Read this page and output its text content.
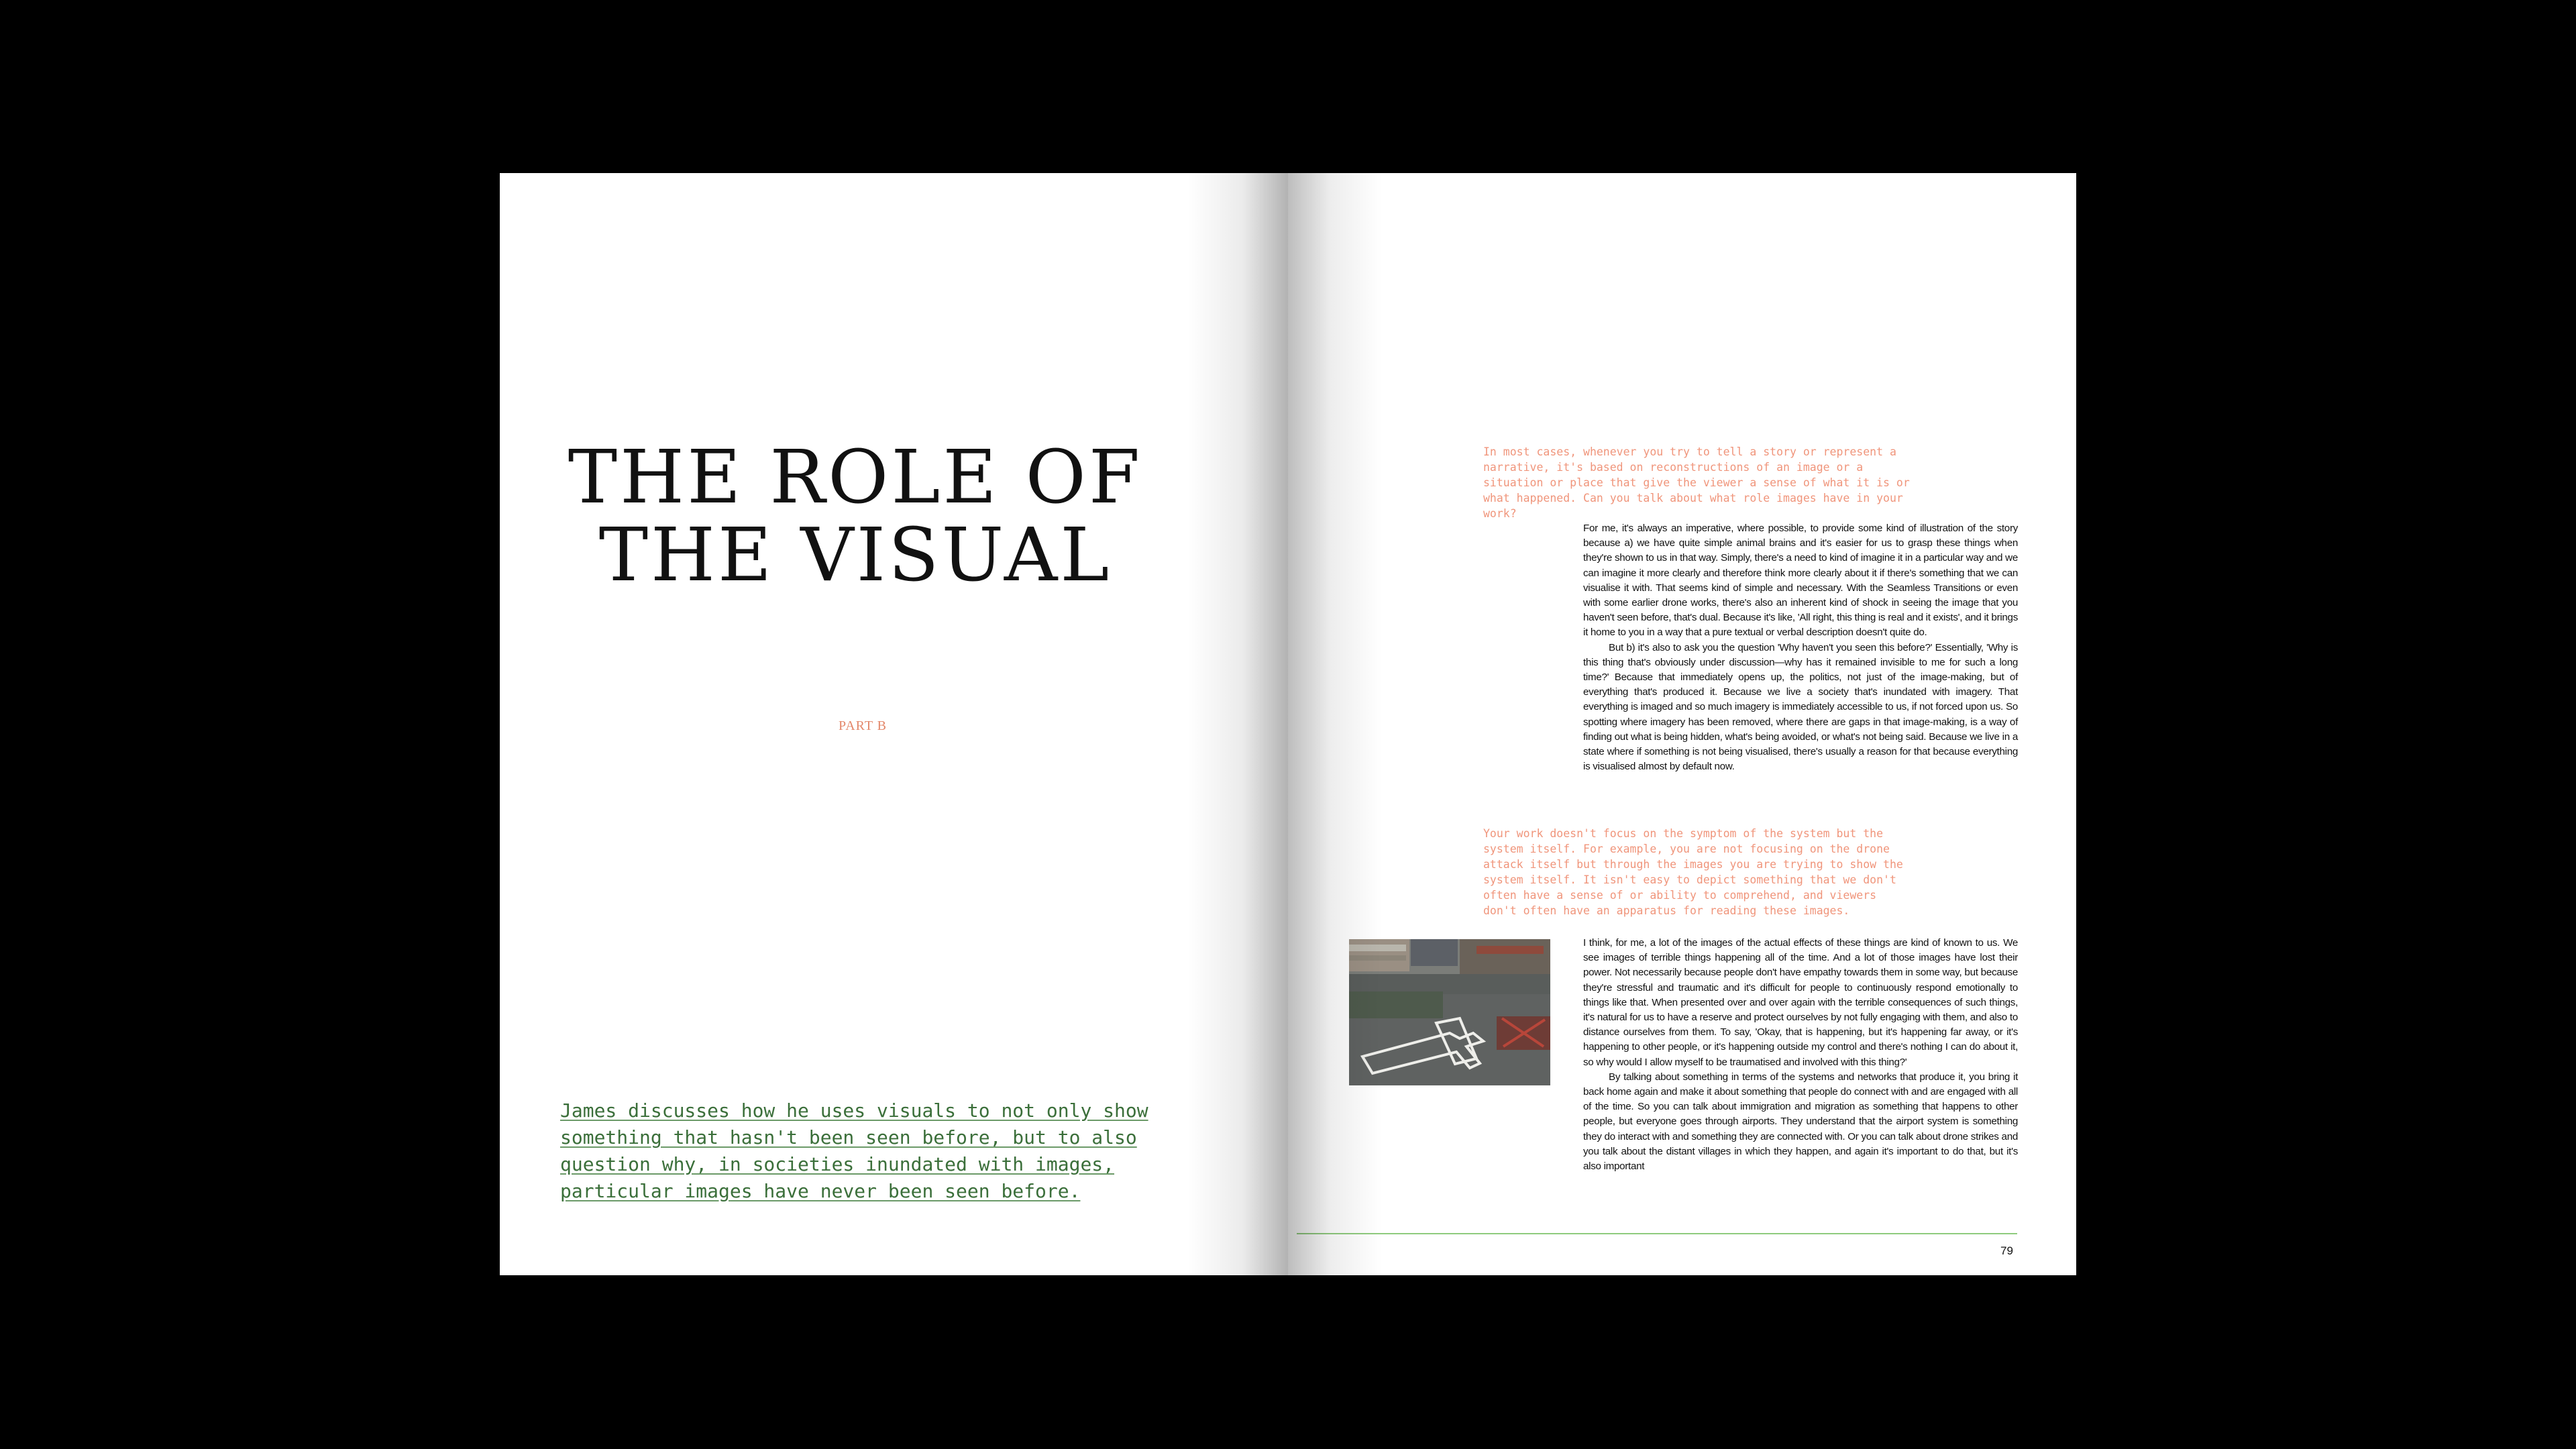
THE ROLE OF
THE VISUAL
PART B
James discusses how he uses visuals to not only show something that hasn't been seen before, but to also question why, in societies inundated with images, particular images have never been seen before.
In most cases, whenever you try to tell a story or represent a narrative, it's based on reconstructions of an image or a situation or place that give the viewer a sense of what it is or what happened. Can you talk about what role images have in your work?

For me, it's always an imperative, where possible, to provide some kind of illustration of the story because a) we have quite simple animal brains and it's easier for us to grasp these things when they're shown to us in that way. Simply, there's a need to kind of imagine it in a particular way and we can imagine it more clearly and therefore think more clearly about it if there's something that we can visualise it with. That seems kind of simple and necessary. With the Seamless Transitions or even with some earlier drone works, there's also an inherent kind of shock in seeing the image that you haven't seen before, that's dual. Because it's like, 'All right, this thing is real and it exists', and it brings it home to you in a way that a pure textual or verbal description doesn't quite do.

But b) it's also to ask you the question 'Why haven't you seen this before?' Essentially, 'Why is this thing that's obviously under discussion—why has it remained invisible to me for such a long time?' Because that immediately opens up, the politics, not just of the image-making, but of everything that's produced it. Because we live a society that's inundated with imagery. That everything is imaged and so much imagery is immediately accessible to us, if not forced upon us. So spotting where imagery has been removed, where there are gaps in that image-making, is a way of finding out what is being hidden, what's being avoided, or what's not being said. Because we live in a state where if something is not being visualised, there's usually a reason for that because everything is visualised almost by default now.

Your work doesn't focus on the symptom of the system but the system itself. For example, you are not focusing on the drone attack itself but through the images you are trying to show the system itself. It isn't easy to depict something that we don't often have a sense of or ability to comprehend, and viewers don't often have an apparatus for reading these images.

I think, for me, a lot of the images of the actual effects of these things are kind of known to us. We see images of terrible things happening all of the time. And a lot of those images have lost their power. Not necessarily because people don't have empathy towards them in some way, but because they're stressful and traumatic and it's difficult for people to continuously respond emotionally to things like that. When presented over and over again with the terrible consequences of such things, it's natural for us to have a reserve and protect ourselves by not fully engaging with them, and also to distance ourselves from them. To say, 'Okay, that is happening, but it's happening far away, or it's happening to other people, or it's happening outside my control and there's nothing I can do about it, so why would I allow myself to be traumatised and involved with this thing?'

By talking about something in terms of the systems and networks that produce it, you bring it back home again and make it about something that people do connect with and are engaged with all of the time. So you can talk about immigration and migration as something that happens to other people, but everyone goes through airports. They understand that the airport system is something they do interact with and something they are connected with. Or you can talk about drone strikes and you talk about the distant villages in which they happen, and again it's important to do that, but it's also important

79
